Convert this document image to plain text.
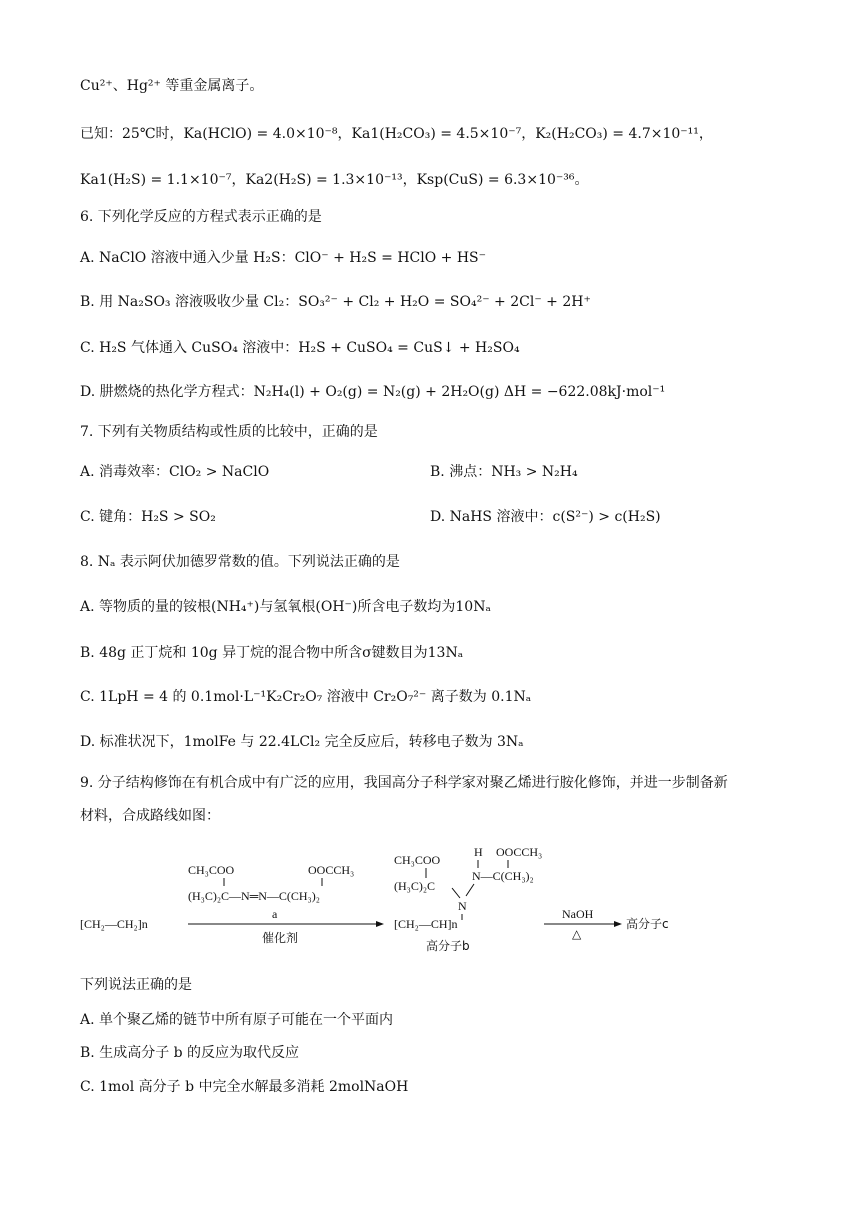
Cu²⁺、Hg²⁺ 等重金属离子。
已知：25℃时，Ka(HClO) = 4.0×10⁻⁸，Ka1(H₂CO₃) = 4.5×10⁻⁷，K₂(H₂CO₃) = 4.7×10⁻¹¹，
Ka1(H₂S) = 1.1×10⁻⁷，Ka2(H₂S) = 1.3×10⁻¹³，Ksp(CuS) = 6.3×10⁻³⁶。
6. 下列化学反应的方程式表示正确的是
A. NaClO 溶液中通入少量 H₂S：ClO⁻ + H₂S = HClO + HS⁻
B. 用 Na₂SO₃ 溶液吸收少量 Cl₂：SO₃²⁻ + Cl₂ + H₂O = SO₄²⁻ + 2Cl⁻ + 2H⁺
C. H₂S 气体通入 CuSO₄ 溶液中：H₂S + CuSO₄ = CuS↓ + H₂SO₄
D. 肼燃烧的热化学方程式：N₂H₄(l) + O₂(g) = N₂(g) + 2H₂O(g) ΔH = −622.08kJ·mol⁻¹
7. 下列有关物质结构或性质的比较中，正确的是
A. 消毒效率：ClO₂ > NaClO	B. 沸点：NH₃ > N₂H₄
C. 键角：H₂S > SO₂	D. NaHS 溶液中：c(S²⁻) > c(H₂S)
8. Nₐ 表示阿伏加德罗常数的值。下列说法正确的是
A. 等物质的量的铵根(NH₄⁺)与氢氧根(OH⁻)所含电子数均为10Nₐ
B. 48g 正丁烷和 10g 异丁烷的混合物中所含σ键数目为13Nₐ
C. 1LpH = 4 的 0.1mol·L⁻¹K₂Cr₂O₇ 溶液中 Cr₂O₇²⁻ 离子数为 0.1Nₐ
D. 标准状况下，1molFe 与 22.4LCl₂ 完全反应后，转移电子数为 3Nₐ
9. 分子结构修饰在有机合成中有广泛的应用，我国高分子科学家对聚乙烯进行胺化修饰，并进一步制备新
材料，合成路线如图：
[CH₂—CH₂]n
CH₃COO	OOCCH₃
(H₃C)₂C—N═N—C(CH₃)₂
a
催化剂
CH₃COO
H OOCCH₃
(H₃C)₂C
N—C(CH₃)₂
N
[CH₂—CH]n
高分子b
NaOH
△
高分子c
下列说法正确的是
A. 单个聚乙烯的链节中所有原子可能在一个平面内
B. 生成高分子 b 的反应为取代反应
C. 1mol 高分子 b 中完全水解最多消耗 2molNaOH
